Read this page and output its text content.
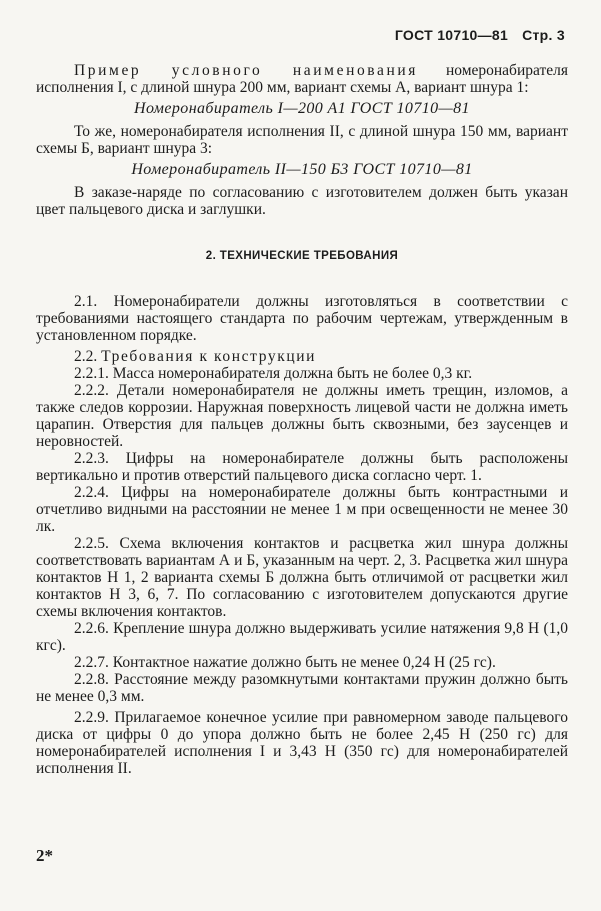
ГОСТ 10710—81 Стр. 3

Пример условного наименования номеронабирателя исполнения I, с длиной шнура 200 мм, вариант схемы А, вариант шнура 1:

Номеронабиратель I—200 А1 ГОСТ 10710—81

То же, номеронабирателя исполнения II, с длиной шнура 150 мм, вариант схемы Б, вариант шнура 3:

Номеронабиратель II—150 Б3 ГОСТ 10710—81

В заказе-наряде по согласованию с изготовителем должен быть указан цвет пальцевого диска и заглушки.

2. ТЕХНИЧЕСКИЕ ТРЕБОВАНИЯ

2.1. Номеронабиратели должны изготовляться в соответствии с требованиями настоящего стандарта по рабочим чертежам, утвержденным в установленном порядке.

2.2. Требования к конструкции

2.2.1. Масса номеронабирателя должна быть не более 0,3 кг.

2.2.2. Детали номеронабирателя не должны иметь трещин, изломов, а также следов коррозии. Наружная поверхность лицевой части не должна иметь царапин. Отверстия для пальцев должны быть сквозными, без заусенцев и неровностей.

2.2.3. Цифры на номеронабирателе должны быть расположены вертикально и против отверстий пальцевого диска согласно черт. 1.

2.2.4. Цифры на номеронабирателе должны быть контрастными и отчетливо видными на расстоянии не менее 1 м при освещенности не менее 30 лк.

2.2.5. Схема включения контактов и расцветка жил шнура должны соответствовать вариантам А и Б, указанным на черт. 2, 3. Расцветка жил шнура контактов Н 1, 2 варианта схемы Б должна быть отличимой от расцветки жил контактов Н 3, 6, 7. По согласованию с изготовителем допускаются другие схемы включения контактов.

2.2.6. Крепление шнура должно выдерживать усилие натяжения 9,8 Н (1,0 кгс).

2.2.7. Контактное нажатие должно быть не менее 0,24 Н (25 гс).

2.2.8. Расстояние между разомкнутыми контактами пружин должно быть не менее 0,3 мм.

2.2.9. Прилагаемое конечное усилие при равномерном заводе пальцевого диска от цифры 0 до упора должно быть не более 2,45 Н (250 гс) для номеронабирателей исполнения I и 3,43 Н (350 гс) для номеронабирателей исполнения II.

2*
